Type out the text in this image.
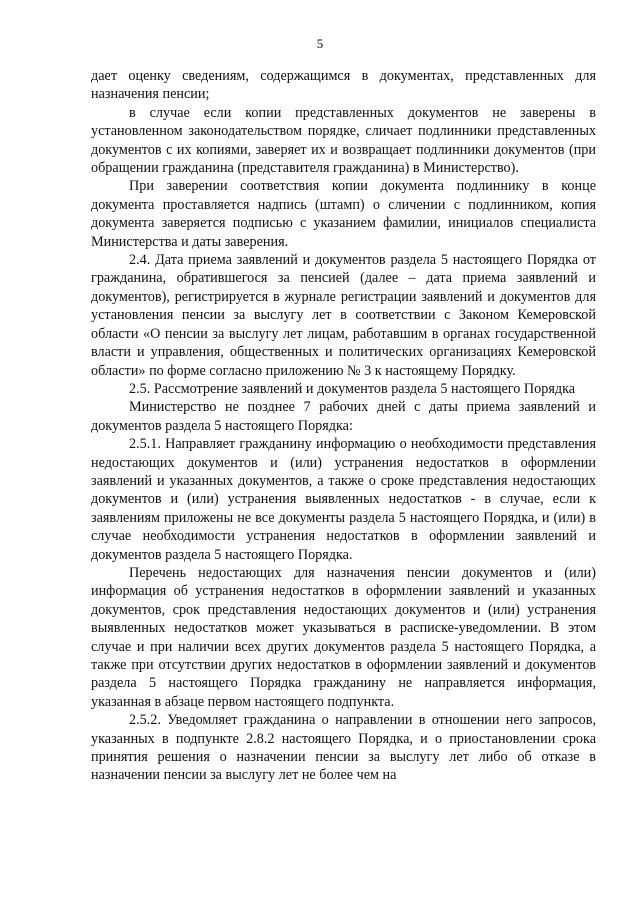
5

дает оценку сведениям, содержащимся в документах, представленных для назначения пенсии;

в случае если копии представленных документов не заверены в установленном законодательством порядке, сличает подлинники представленных документов с их копиями, заверяет их и возвращает подлинники документов (при обращении гражданина (представителя гражданина) в Министерство).

При заверении соответствия копии документа подлиннику в конце документа проставляется надпись (штамп) о сличении с подлинником, копия документа заверяется подписью с указанием фамилии, инициалов специалиста Министерства и даты заверения.

2.4. Дата приема заявлений и документов раздела 5 настоящего Порядка от гражданина, обратившегося за пенсией (далее – дата приема заявлений и документов), регистрируется в журнале регистрации заявлений и документов для установления пенсии за выслугу лет в соответствии с Законом Кемеровской области «О пенсии за выслугу лет лицам, работавшим в органах государственной власти и управления, общественных и политических организациях Кемеровской области» по форме согласно приложению № 3 к настоящему Порядку.

2.5. Рассмотрение заявлений и документов раздела 5 настоящего Порядка

Министерство не позднее 7 рабочих дней с даты приема заявлений и документов раздела 5 настоящего Порядка:

2.5.1. Направляет гражданину информацию о необходимости представления недостающих документов и (или) устранения недостатков в оформлении заявлений и указанных документов, а также о сроке представления недостающих документов и (или) устранения выявленных недостатков - в случае, если к заявлениям приложены не все документы раздела 5 настоящего Порядка, и (или) в случае необходимости устранения недостатков в оформлении заявлений и документов раздела 5 настоящего Порядка.

Перечень недостающих для назначения пенсии документов и (или) информация об устранения недостатков в оформлении заявлений и указанных документов, срок представления недостающих документов и (или) устранения выявленных недостатков может указываться в расписке-уведомлении. В этом случае и при наличии всех других документов раздела 5 настоящего Порядка, а также при отсутствии других недостатков в оформлении заявлений и документов раздела 5 настоящего Порядка гражданину не направляется информация, указанная в абзаце первом настоящего подпункта.

2.5.2. Уведомляет гражданина о направлении в отношении него запросов, указанных в подпункте 2.8.2 настоящего Порядка, и о приостановлении срока принятия решения о назначении пенсии за выслугу лет либо об отказе в назначении пенсии за выслугу лет не более чем на
